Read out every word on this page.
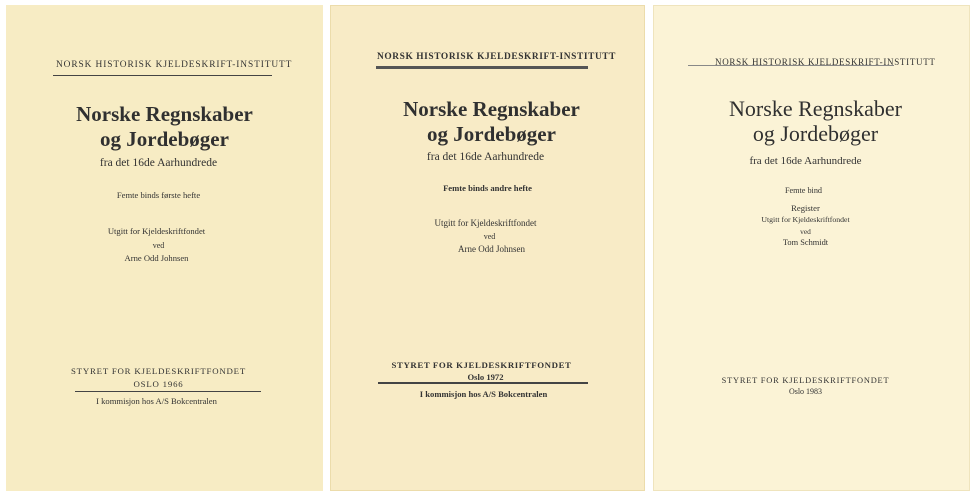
NORSK HISTORISK KJELDESKRIFT-INSTITUTT
Norske Regnskaber
og Jordebøger
fra det 16de Aarhundrede
Femte binds første hefte
Utgitt for Kjeldeskriftfondet
ved
Arne Odd Johnsen
STYRET FOR KJELDESKRIFTFONDET
OSLO 1966
I kommisjon hos A/S Bokcentralen
NORSK HISTORISK KJELDESKRIFT-INSTITUTT
Norske Regnskaber
og Jordebøger
fra det 16de Aarhundrede
Femte binds andre hefte
Utgitt for Kjeldeskriftfondet
ved
Arne Odd Johnsen
STYRET FOR KJELDESKRIFTFONDET
Oslo 1972
I kommisjon hos A/S Bokcentralen
NORSK HISTORISK KJELDESKRIFT-INSTITUTT
Norske Regnskaber
og Jordebøger
fra det 16de Aarhundrede
Femte bind
Register
Utgitt for Kjeldeskriftfondet
ved
Tom Schmidt
STYRET FOR KJELDESKRIFTFONDET
Oslo 1983
